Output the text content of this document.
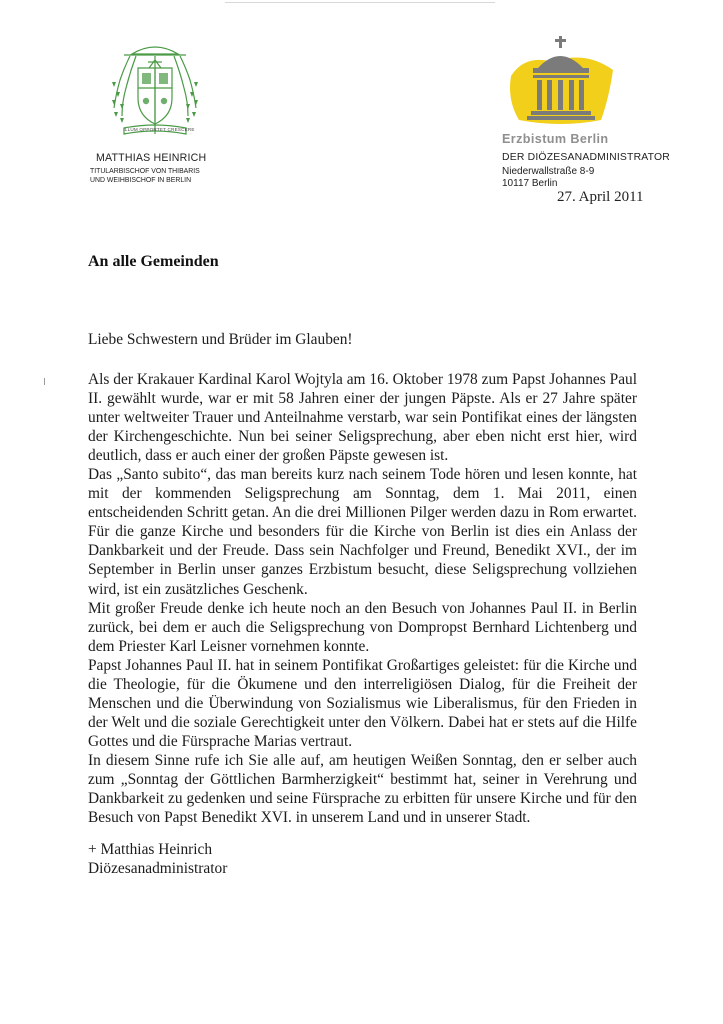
ILLUM OPPORTET CRESCERE
MATTHIAS HEINRICH
TITULARBISCHOF VON THIBARIS
UND WEIHBISCHOF IN BERLIN
Erzbistum Berlin
DER DIÖZESANADMINISTRATOR
Niederwallstraße 8-9
10117 Berlin
27. April 2011
An alle Gemeinden
Liebe Schwestern und Brüder im Glauben!

Als der Krakauer Kardinal Karol Wojtyla am 16. Oktober 1978 zum Papst Johannes Paul II. gewählt wurde, war er mit 58 Jahren einer der jungen Päpste. Als er 27 Jahre später unter weltweiter Trauer und Anteilnahme verstarb, war sein Pontifikat eines der längsten der Kirchengeschichte. Nun bei seiner Seligsprechung, aber eben nicht erst hier, wird deutlich, dass er auch einer der großen Päpste gewesen ist.

Das „Santo subito“, das man bereits kurz nach seinem Tode hören und lesen konnte, hat mit der kommenden Seligsprechung am Sonntag, dem 1. Mai 2011, einen entscheidenden Schritt getan. An die drei Millionen Pilger werden dazu in Rom erwartet. Für die ganze Kirche und besonders für die Kirche von Berlin ist dies ein Anlass der Dankbarkeit und der Freude. Dass sein Nachfolger und Freund, Benedikt XVI., der im September in Berlin unser ganzes Erzbistum besucht, diese Seligsprechung vollziehen wird, ist ein zusätzliches Geschenk.

Mit großer Freude denke ich heute noch an den Besuch von Johannes Paul II. in Berlin zurück, bei dem er auch die Seligsprechung von Dompropst Bernhard Lichtenberg und dem Priester Karl Leisner vornehmen konnte.

Papst Johannes Paul II. hat in seinem Pontifikat Großartiges geleistet: für die Kirche und die Theologie, für die Ökumene und den interreligiösen Dialog, für die Freiheit der Menschen und die Überwindung von Sozialismus wie Liberalismus, für den Frieden in der Welt und die soziale Gerechtigkeit unter den Völkern. Dabei hat er stets auf die Hilfe Gottes und die Fürsprache Marias vertraut.

In diesem Sinne rufe ich Sie alle auf, am heutigen Weißen Sonntag, den er selber auch zum „Sonntag der Göttlichen Barmherzigkeit“ bestimmt hat, seiner in Verehrung und Dankbarkeit zu gedenken und seine Fürsprache zu erbitten für unsere Kirche und für den Besuch von Papst Benedikt XVI. in unserem Land und in unserer Stadt.

+ Matthias Heinrich
Diözesanadministrator
